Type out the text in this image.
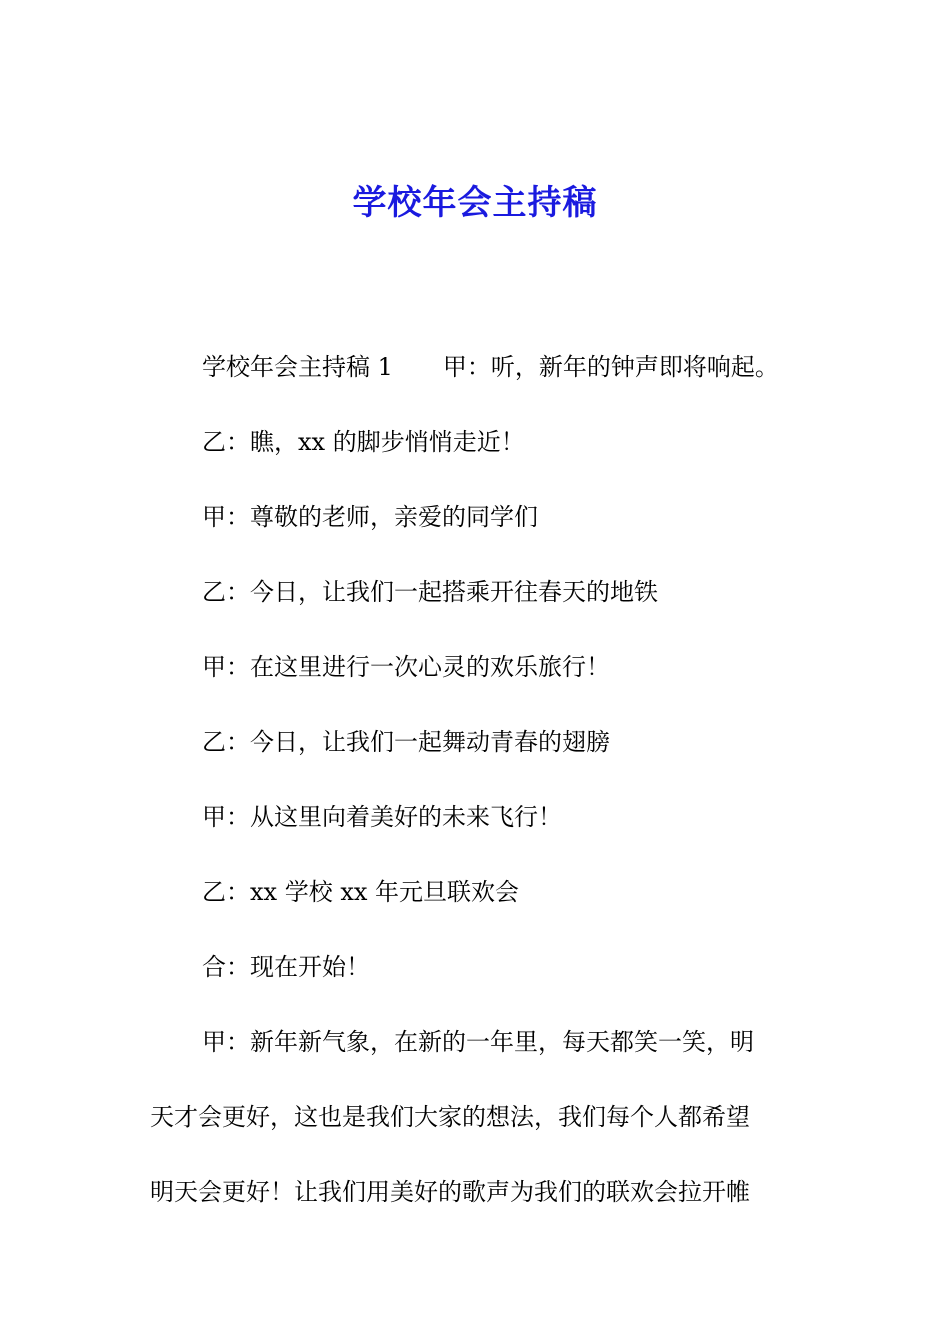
学校年会主持稿

学校年会主持稿 1 甲：听，新年的钟声即将响起。

乙：瞧，xx 的脚步悄悄走近！

甲：尊敬的老师，亲爱的同学们

乙：今日，让我们一起搭乘开往春天的地铁

甲：在这里进行一次心灵的欢乐旅行！

乙：今日，让我们一起舞动青春的翅膀

甲：从这里向着美好的未来飞行！

乙：xx 学校 xx 年元旦联欢会

合：现在开始！

甲：新年新气象，在新的一年里，每天都笑一笑，明

天才会更好，这也是我们大家的想法，我们每个人都希望

明天会更好！让我们用美好的歌声为我们的联欢会拉开帷
